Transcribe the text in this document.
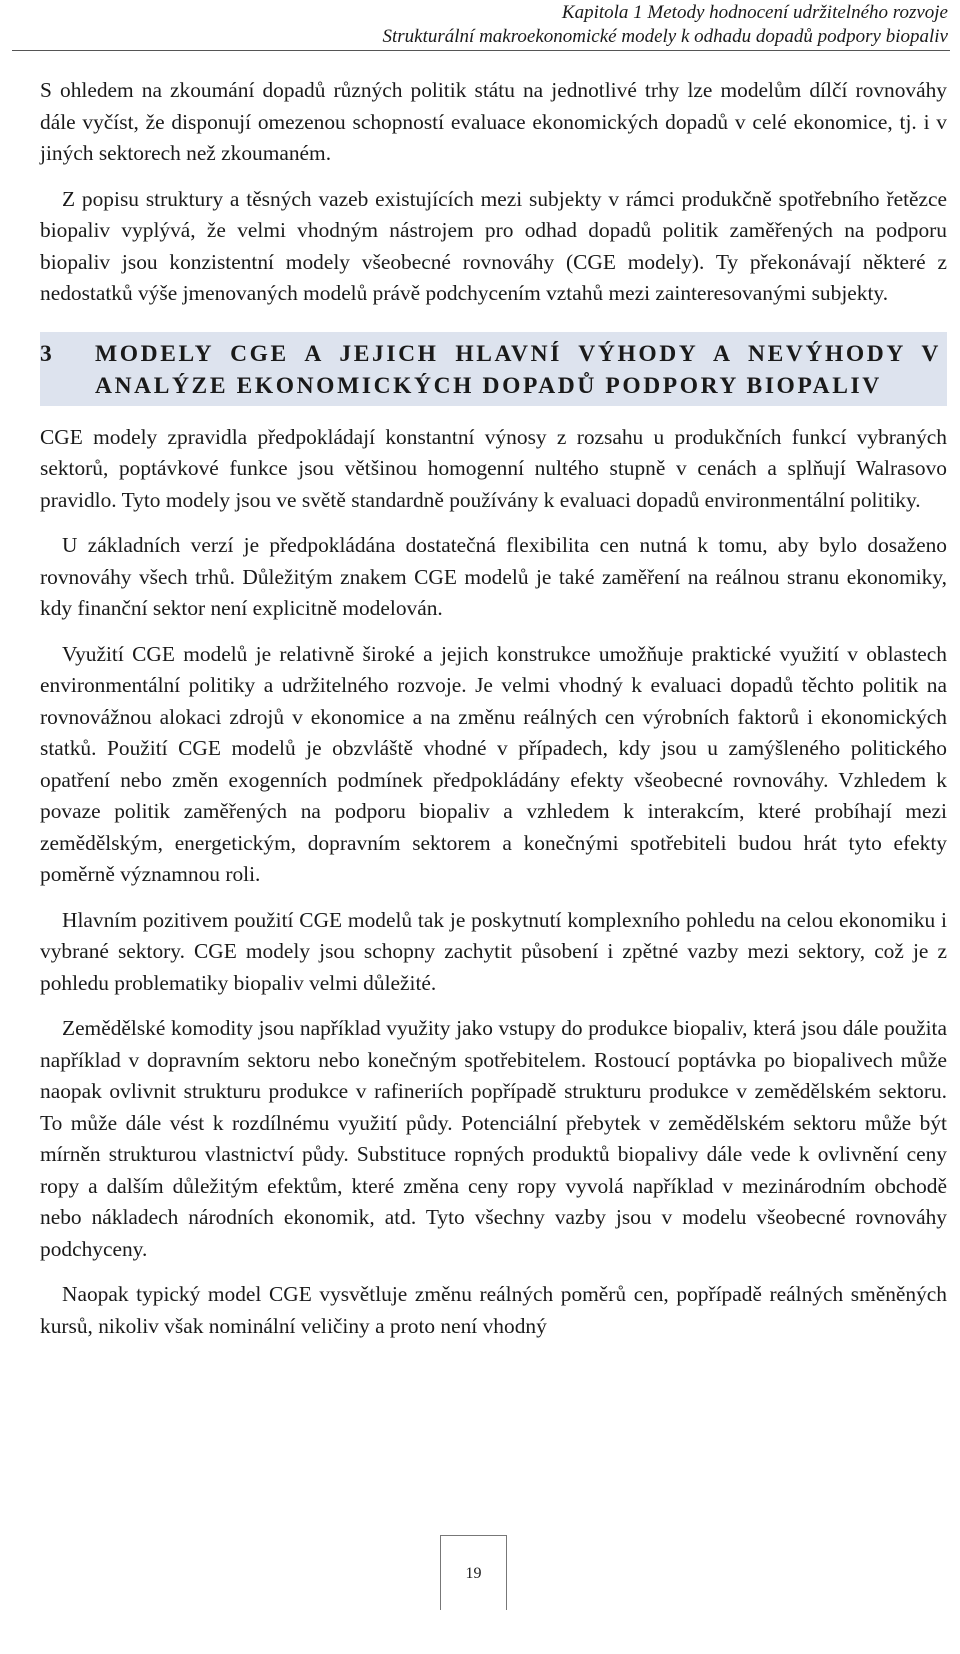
Kapitola 1 Metody hodnocení udržitelného rozvoje
Strukturální makroekonomické modely k odhadu dopadů podpory biopaliv

S ohledem na zkoumání dopadů různých politik státu na jednotlivé trhy lze modelům dílčí rovnováhy dále vyčíst, že disponují omezenou schopností evaluace ekonomických dopadů v celé ekonomice, tj. i v jiných sektorech než zkoumaném.

Z popisu struktury a těsných vazeb existujících mezi subjekty v rámci produkčně spotřebního řetězce biopaliv vyplývá, že velmi vhodným nástrojem pro odhad dopadů politik zaměřených na podporu biopaliv jsou konzistentní modely všeobecné rovnováhy (CGE modely). Ty překonávají některé z nedostatků výše jmenovaných modelů právě podchycením vztahů mezi zainteresovanými subjekty.

3	MODELY CGE A JEJICH HLAVNÍ VÝHODY A NEVÝHODY V ANALÝZE EKONOMICKÝCH DOPADŮ PODPORY BIOPALIV

CGE modely zpravidla předpokládají konstantní výnosy z rozsahu u produkčních funkcí vybraných sektorů, poptávkové funkce jsou většinou homogenní nultého stupně v cenách a splňují Walrasovo pravidlo. Tyto modely jsou ve světě standardně používány k evaluaci dopadů environmentální politiky.

U základních verzí je předpokládána dostatečná flexibilita cen nutná k tomu, aby bylo dosaženo rovnováhy všech trhů. Důležitým znakem CGE modelů je také zaměření na reálnou stranu ekonomiky, kdy finanční sektor není explicitně modelován.

Využití CGE modelů je relativně široké a jejich konstrukce umožňuje praktické využití v oblastech environmentální politiky a udržitelného rozvoje. Je velmi vhodný k evaluaci dopadů těchto politik na rovnovážnou alokaci zdrojů v ekonomice a na změnu reálných cen výrobních faktorů i ekonomických statků. Použití CGE modelů je obzvláště vhodné v případech, kdy jsou u zamýšleného politického opatření nebo změn exogenních podmínek předpokládány efekty všeobecné rovnováhy. Vzhledem k povaze politik zaměřených na podporu biopaliv a vzhledem k interakcím, které probíhají mezi zemědělským, energetickým, dopravním sektorem a konečnými spotřebiteli budou hrát tyto efekty poměrně významnou roli.

Hlavním pozitivem použití CGE modelů tak je poskytnutí komplexního pohledu na celou ekonomiku i vybrané sektory. CGE modely jsou schopny zachytit působení i zpětné vazby mezi sektory, což je z pohledu problematiky biopaliv velmi důležité.

Zemědělské komodity jsou například využity jako vstupy do produkce biopaliv, která jsou dále použita například v dopravním sektoru nebo konečným spotřebitelem. Rostoucí poptávka po biopalivech může naopak ovlivnit strukturu produkce v rafineriích popřípadě strukturu produkce v zemědělském sektoru. To může dále vést k rozdílnému využití půdy. Potenciální přebytek v zemědělském sektoru může být mírněn strukturou vlastnictví půdy. Substituce ropných produktů biopalivy dále vede k ovlivnění ceny ropy a dalším důležitým efektům, které změna ceny ropy vyvolá například v mezinárodním obchodě nebo nákladech národních ekonomik, atd. Tyto všechny vazby jsou v modelu všeobecné rovnováhy podchyceny.

Naopak typický model CGE vysvětluje změnu reálných poměrů cen, popřípadě reálných směněných kursů, nikoliv však nominální veličiny a proto není vhodný

19
